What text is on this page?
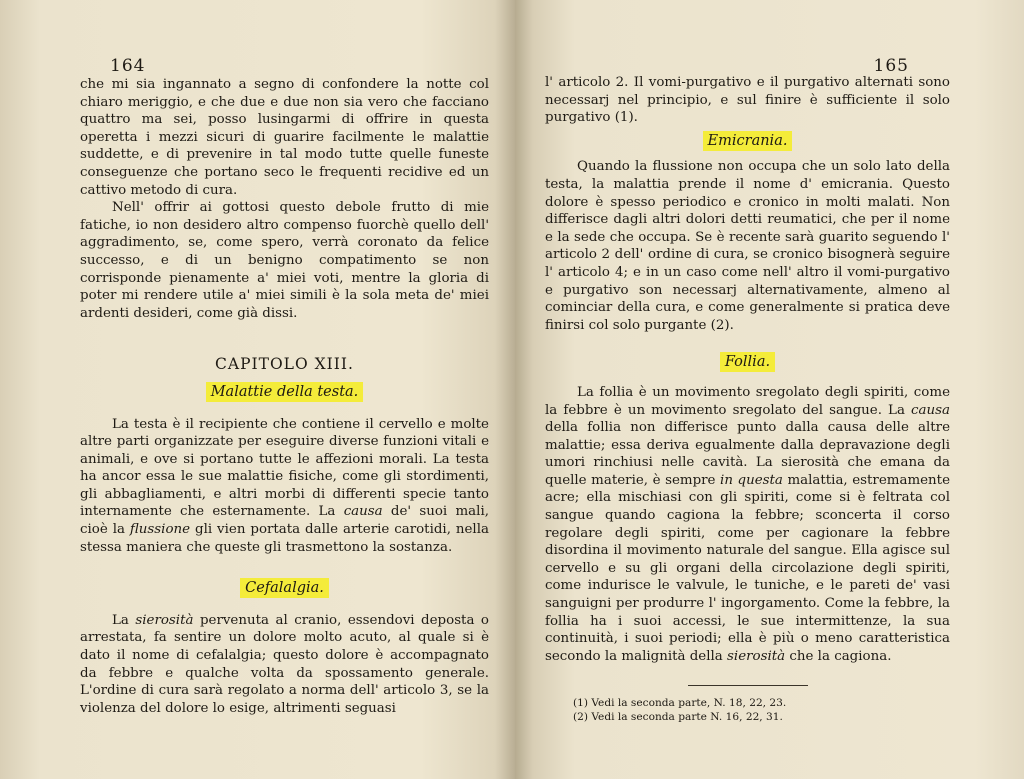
164

che mi sia ingannato a segno di confondere la notte col chiaro meriggio, e che due e due non sia vero che facciano quattro ma sei, posso lusingarmi di offrire in questa operetta i mezzi sicuri di guarire facilmente le malattie suddette, e di prevenire in tal modo tutte quelle funeste conseguenze che portano seco le frequenti recidive ed un cattivo metodo di cura.

Nell' offrir ai gottosi questo debole frutto di mie fatiche, io non desidero altro compenso fuorchè quello dell' aggradimento, se, come spero, verrà coronato da felice successo, e di un benigno compatimento se non corrisponde pienamente a' miei voti, mentre la gloria di poter mi rendere utile a' miei simili è la sola meta de' miei ardenti desideri, come già dissi.

CAPITOLO XIII.
Malattie della testa.

La testa è il recipiente che contiene il cervello e molte altre parti organizzate per eseguire diverse funzioni vitali e animali, e ove si portano tutte le affezioni morali. La testa ha ancor essa le sue malattie fisiche, come gli stordimenti, gli abbagliamenti, e altri morbi di differenti specie tanto internamente che esternamente. La causa de' suoi mali, cioè la flussione gli vien portata dalle arterie carotidi, nella stessa maniera che queste gli trasmettono la sostanza.

Cefalalgia.

La sierosità pervenuta al cranio, essendovi deposta o arrestata, fa sentire un dolore molto acuto, al quale si è dato il nome di cefalalgia; questo dolore è accompagnato da febbre e qualche volta da spossamento generale. L'ordine di cura sarà regolato a norma dell' articolo 3, se la violenza del dolore lo esige, altrimenti seguasi

165

l' articolo 2. Il vomi-purgativo e il purgativo alternati sono necessarj nel principio, e sul finire è sufficiente il solo purgativo (1).

Emicrania.

Quando la flussione non occupa che un solo lato della testa, la malattia prende il nome d' emicrania. Questo dolore è spesso periodico e cronico in molti malati. Non differisce dagli altri dolori detti reumatici, che per il nome e la sede che occupa. Se è recente sarà guarito seguendo l' articolo 2 dell' ordine di cura, se cronico bisognerà seguire l' articolo 4; e in un caso come nell' altro il vomi-purgativo e purgativo son necessarj alternativamente, almeno al cominciar della cura, e come generalmente si pratica deve finirsi col solo purgante (2).

Follia.

La follia è un movimento sregolato degli spiriti, come la febbre è un movimento sregolato del sangue. La causa della follia non differisce punto dalla causa delle altre malattie; essa deriva egualmente dalla depravazione degli umori rinchiusi nelle cavità. La sierosità che emana da quelle materie, è sempre in questa malattia, estremamente acre; ella mischiasi con gli spiriti, come si è feltrata col sangue quando cagiona la febbre; sconcerta il corso regolare degli spiriti, come per cagionare la febbre disordina il movimento naturale del sangue. Ella agisce sul cervello e su gli organi della circolazione degli spiriti, come indurisce le valvule, le tuniche, e le pareti de' vasi sanguigni per produrre l' ingorgamento. Come la febbre, la follia ha i suoi accessi, le sue intermittenze, la sua continuità, i suoi periodi; ella è più o meno caratteristica secondo la malignità della sierosità che la cagiona.

(1) Vedi la seconda parte, N. 18, 22, 23.
(2) Vedi la seconda parte N. 16, 22, 31.
